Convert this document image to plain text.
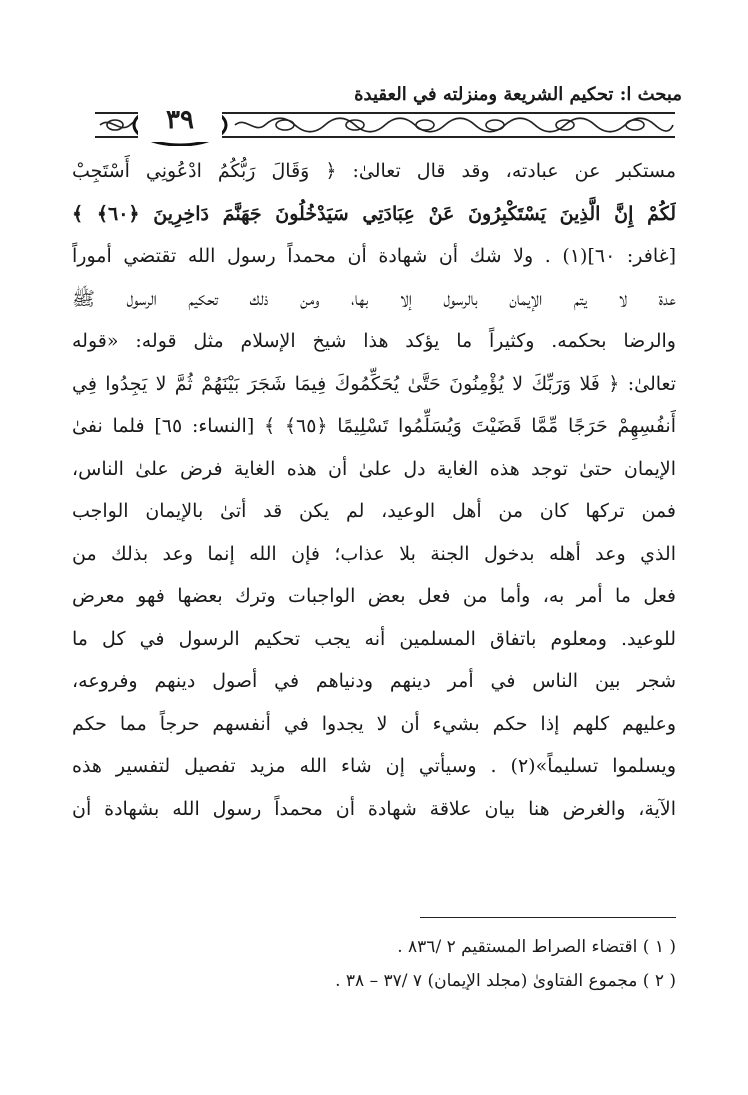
مبحث ا: تحكيم الشريعة ومنزلته في العقيدة
٣٩
مستكبر عن عبادته، وقد قال تعالىٰ: ﴿ وَقَالَ رَبُّكُمُ ادْعُونِي أَسْتَجِبْ
لَكُمْ إِنَّ الَّذِينَ يَسْتَكْبِرُونَ عَنْ عِبَادَتِي سَيَدْخُلُونَ جَهَنَّمَ دَاخِرِينَ ﴿٦٠﴾ ﴾
[غافر: ٦٠](١) . ولا شك أن شهادة أن محمداً رسول الله تقتضي أموراً
عدة لا يتم الإيمان بالرسول إلا بها، ومن ذلك تحكيم الرسول ﷺ
والرضا بحكمه. وكثيراً ما يؤكد هذا شيخ الإسلام مثل قوله: «قوله
تعالىٰ: ﴿ فَلا وَرَبِّكَ لا يُؤْمِنُونَ حَتَّىٰ يُحَكِّمُوكَ فِيمَا شَجَرَ بَيْنَهُمْ ثُمَّ لا يَجِدُوا فِي
أَنفُسِهِمْ حَرَجًا مِّمَّا قَضَيْتَ وَيُسَلِّمُوا تَسْلِيمًا ﴿٦٥﴾ ﴾ [النساء: ٦٥] فلما نفىٰ
الإيمان حتىٰ توجد هذه الغاية دل علىٰ أن هذه الغاية فرض علىٰ الناس،
فمن تركها كان من أهل الوعيد، لم يكن قد أتىٰ بالإيمان الواجب
الذي وعد أهله بدخول الجنة بلا عذاب؛ فإن الله إنما وعد بذلك من
فعل ما أمر به، وأما من فعل بعض الواجبات وترك بعضها فهو معرض
للوعيد. ومعلوم باتفاق المسلمين أنه يجب تحكيم الرسول في كل ما
شجر بين الناس في أمر دينهم ودنياهم في أصول دينهم وفروعه،
وعليهم كلهم إذا حكم بشيء أن لا يجدوا في أنفسهم حرجاً مما حكم
ويسلموا تسليماً»(٢) . وسيأتي إن شاء الله مزيد تفصيل لتفسير هذه
الآية، والغرض هنا بيان علاقة شهادة أن محمداً رسول الله بشهادة أن
( ١ ) اقتضاء الصراط المستقيم ٢ /٨٣٦ .
( ٢ ) مجموع الفتاوىٰ (مجلد الإيمان) ٧ /٣٧ – ٣٨ .
